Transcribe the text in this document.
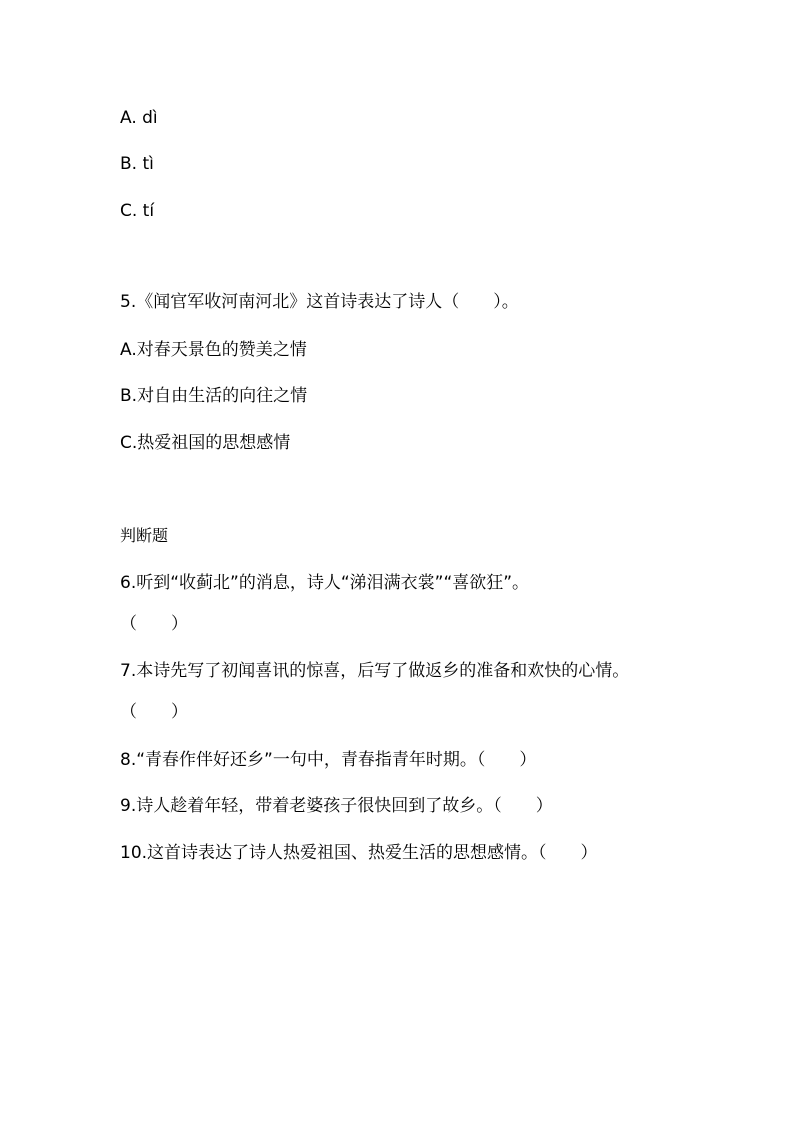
A. dì
B. tì
C. tí
5.《闻官军收河南河北》这首诗表达了诗人（　　）。
A.对春天景色的赞美之情
B.对自由生活的向往之情
C.热爱祖国的思想感情
判断题
6.听到“收蓟北”的消息，诗人“涕泪满衣裳”“喜欲狂”。
（　　）
7.本诗先写了初闻喜讯的惊喜，后写了做返乡的准备和欢快的心情。
（　　）
8.“青春作伴好还乡”一句中，青春指青年时期。（　　）
9.诗人趁着年轻，带着老婆孩子很快回到了故乡。（　　）
10.这首诗表达了诗人热爱祖国、热爱生活的思想感情。（　　）
